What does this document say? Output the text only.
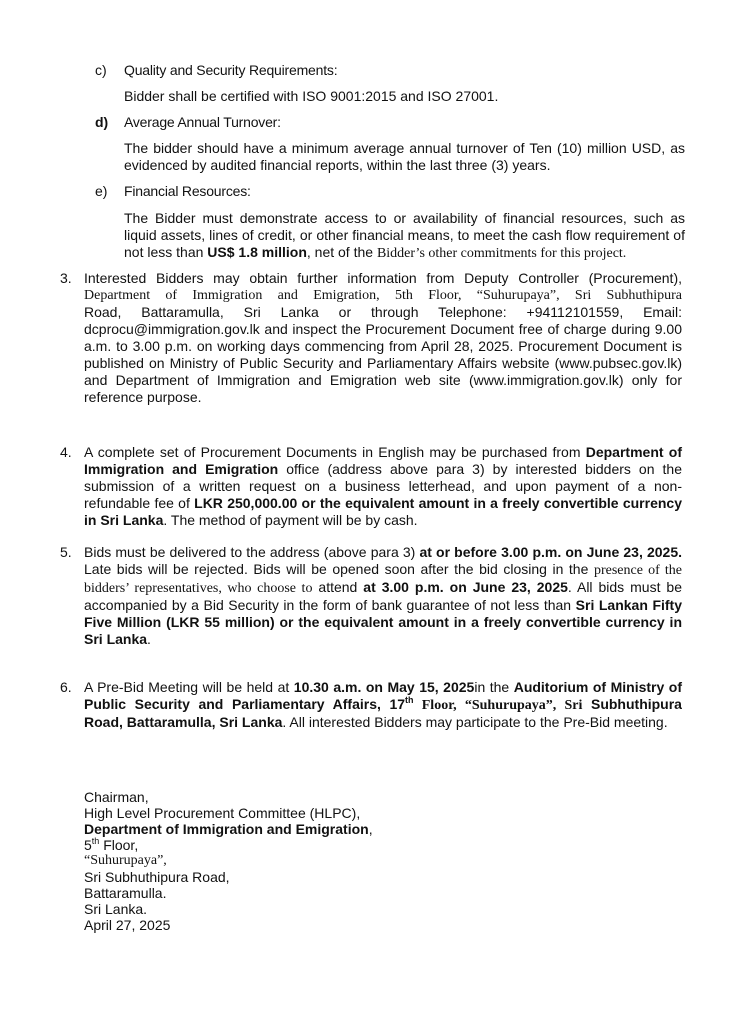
c) Quality and Security Requirements:
Bidder shall be certified with ISO 9001:2015 and ISO 27001.
d) Average Annual Turnover:
The bidder should have a minimum average annual turnover of Ten (10) million USD, as evidenced by audited financial reports, within the last three (3) years.
e) Financial Resources:
The Bidder must demonstrate access to or availability of financial resources, such as liquid assets, lines of credit, or other financial means, to meet the cash flow requirement of not less than US$ 1.8 million, net of the Bidder’s other commitments for this project.
3. Interested Bidders may obtain further information from Deputy Controller (Procurement),
Department of Immigration and Emigration, 5th Floor, “Suhurupaya”, Sri Subhuthipura
Road, Battaramulla, Sri Lanka or through Telephone: +94112101559, Email: dcprocu@immigration.gov.lk and inspect the Procurement Document free of charge during 9.00 a.m. to 3.00 p.m. on working days commencing from April 28, 2025. Procurement Document is published on Ministry of Public Security and Parliamentary Affairs website (www.pubsec.gov.lk) and Department of Immigration and Emigration web site (www.immigration.gov.lk) only for reference purpose.
4. A complete set of Procurement Documents in English may be purchased from Department of Immigration and Emigration office (address above para 3) by interested bidders on the submission of a written request on a business letterhead, and upon payment of a non-refundable fee of LKR 250,000.00 or the equivalent amount in a freely convertible currency in Sri Lanka. The method of payment will be by cash.
5. Bids must be delivered to the address (above para 3) at or before 3.00 p.m. on June 23, 2025. Late bids will be rejected. Bids will be opened soon after the bid closing in the presence of the bidders’ representatives, who choose to attend at 3.00 p.m. on June 23, 2025. All bids must be accompanied by a Bid Security in the form of bank guarantee of not less than Sri Lankan Fifty Five Million (LKR 55 million) or the equivalent amount in a freely convertible currency in Sri Lanka.
6. A Pre-Bid Meeting will be held at 10.30 a.m. on May 15, 2025in the Auditorium of Ministry of Public Security and Parliamentary Affairs, 17th Floor, “Suhurupaya”, Sri Subhuthipura Road, Battaramulla, Sri Lanka. All interested Bidders may participate to the Pre-Bid meeting.

Chairman,

High Level Procurement Committee (HLPC),

Department of Immigration and Emigration,

5th Floor,

“Suhurupaya”,

Sri Subhuthipura Road,

Battaramulla.

Sri Lanka.

April 27, 2025
